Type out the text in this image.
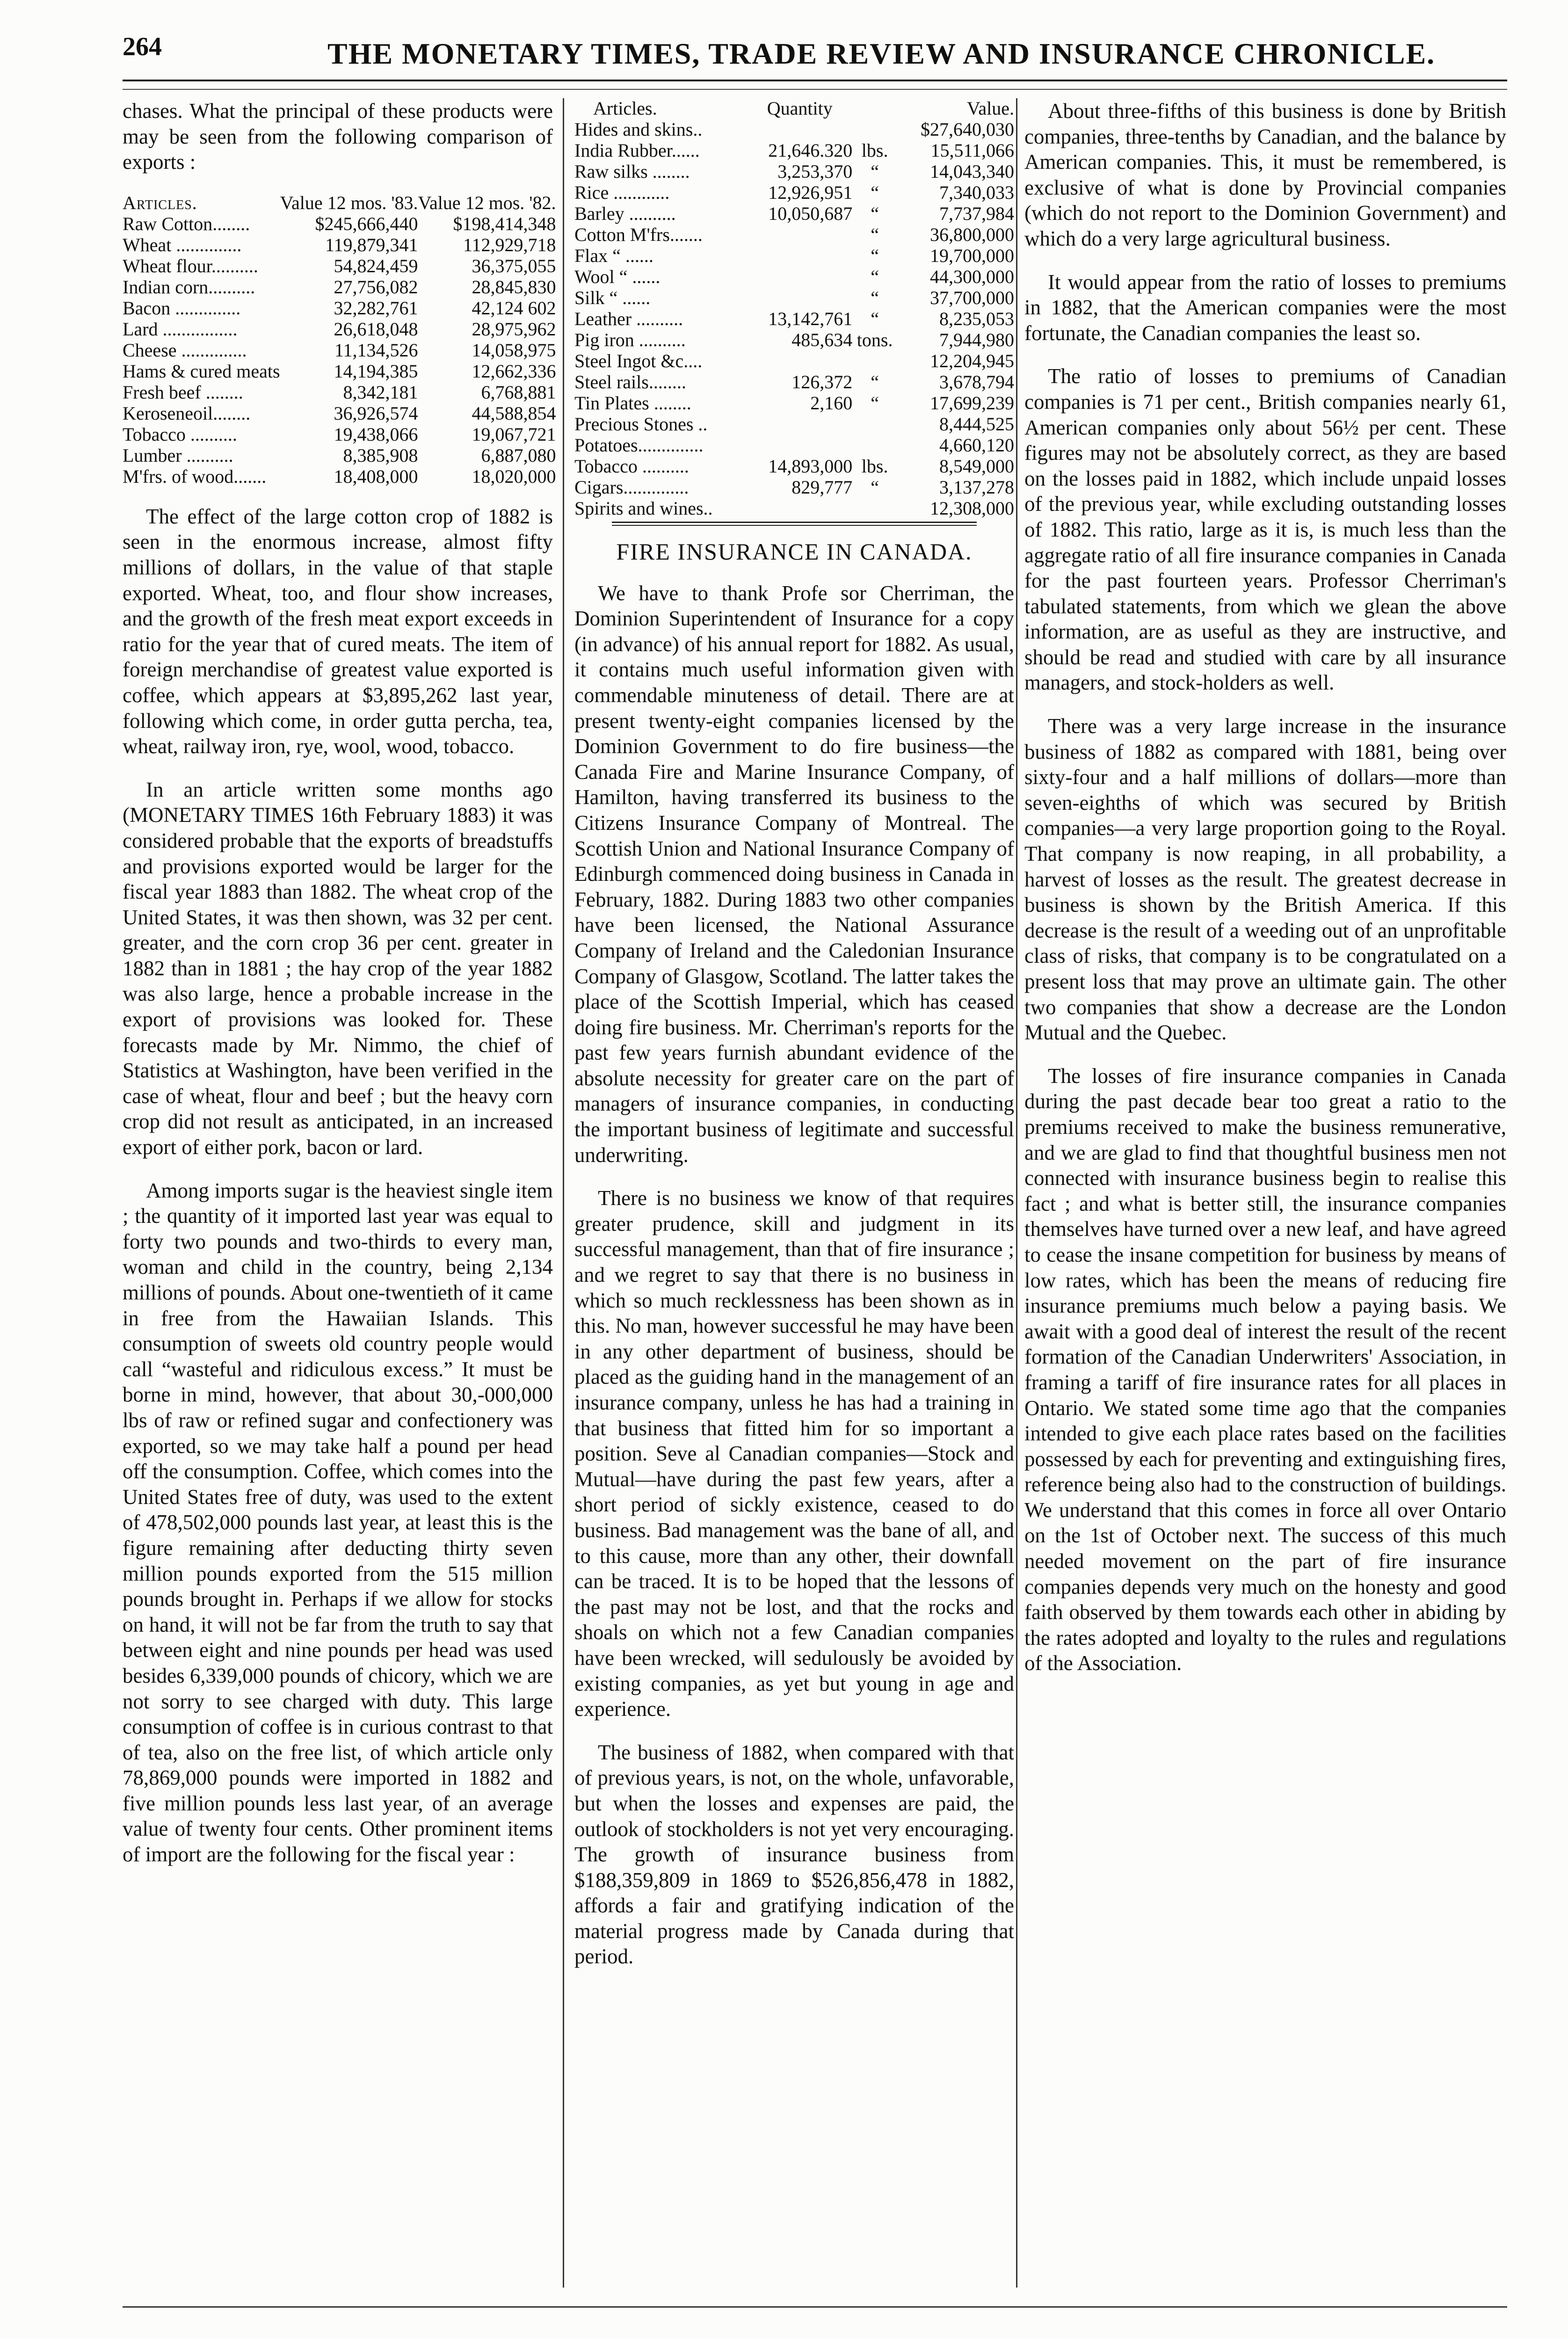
264	THE MONETARY TIMES, TRADE REVIEW AND INSURANCE CHRONICLE.

chases. What the principal of these products were may be seen from the following comparison of exports :

Articles.	Value 12 mos. '83.	Value 12 mos. '82.
Raw Cotton........	$245,666,440	$198,414,348
Wheat ..............	119,879,341	112,929,718
Wheat flour..........	54,824,459	36,375,055
Indian corn..........	27,756,082	28,845,830
Bacon ..............	32,282,761	42,124 602
Lard ................	26,618,048	28,975,962
Cheese ..............	11,134,526	14,058,975
Hams & cured meats	14,194,385	12,662,336
Fresh beef ........	8,342,181	6,768,881
Keroseneoil........	36,926,574	44,588,854
Tobacco ..........	19,438,066	19,067,721
Lumber ..........	8,385,908	6,887,080
M'frs. of wood.......	18,408,000	18,020,000

The effect of the large cotton crop of 1882 is seen in the enormous increase, almost fifty millions of dollars, in the value of that staple exported. Wheat, too, and flour show increases, and the growth of the fresh meat export exceeds in ratio for the year that of cured meats. The item of foreign merchandise of greatest value exported is coffee, which appears at $3,895,262 last year, following which come, in order gutta percha, tea, wheat, railway iron, rye, wool, wood, tobacco.

In an article written some months ago (MONETARY TIMES 16th February 1883) it was considered probable that the exports of breadstuffs and provisions exported would be larger for the fiscal year 1883 than 1882. The wheat crop of the United States, it was then shown, was 32 per cent. greater, and the corn crop 36 per cent. greater in 1882 than in 1881 ; the hay crop of the year 1882 was also large, hence a probable increase in the export of provisions was looked for. These forecasts made by Mr. Nimmo, the chief of Statistics at Washington, have been verified in the case of wheat, flour and beef ; but the heavy corn crop did not result as anticipated, in an increased export of either pork, bacon or lard.

Among imports sugar is the heaviest single item ; the quantity of it imported last year was equal to forty two pounds and two-thirds to every man, woman and child in the country, being 2,134 millions of pounds. About one-twentieth of it came in free from the Hawaiian Islands. This consumption of sweets old country people would call “wasteful and ridiculous excess.” It must be borne in mind, however, that about 30,-000,000 lbs of raw or refined sugar and confectionery was exported, so we may take half a pound per head off the consumption. Coffee, which comes into the United States free of duty, was used to the extent of 478,502,000 pounds last year, at least this is the figure remaining after deducting thirty seven million pounds exported from the 515 million pounds brought in. Perhaps if we allow for stocks on hand, it will not be far from the truth to say that between eight and nine pounds per head was used besides 6,339,000 pounds of chicory, which we are not sorry to see charged with duty. This large consumption of coffee is in curious contrast to that of tea, also on the free list, of which article only 78,869,000 pounds were imported in 1882 and five million pounds less last year, of an average value of twenty four cents. Other prominent items of import are the following for the fiscal year :

Articles.	Quantity		Value.
Hides and skins..			$27,640,030
India Rubber......	21,646.320	lbs.	15,511,066
Raw silks ........	3,253,370	“	14,043,340
Rice ............	12,926,951	“	7,340,033
Barley ..........	10,050,687	“	7,737,984
Cotton M'frs.......		“	36,800,000
Flax “ ......		“	19,700,000
Wool “ ......		“	44,300,000
Silk “ ......		“	37,700,000
Leather ..........	13,142,761	“	8,235,053
Pig iron ..........	485,634	tons.	7,944,980
Steel Ingot &c....			12,204,945
Steel rails........	126,372	“	3,678,794
Tin Plates ........	2,160	“	17,699,239
Precious Stones ..			8,444,525
Potatoes..............			4,660,120
Tobacco ..........	14,893,000	lbs.	8,549,000
Cigars..............	829,777	“	3,137,278
Spirits and wines..			12,308,000
FIRE INSURANCE IN CANADA.

We have to thank Profe sor Cherriman, the Dominion Superintendent of Insurance for a copy (in advance) of his annual report for 1882. As usual, it contains much useful information given with commendable minuteness of detail. There are at present twenty-eight companies licensed by the Dominion Government to do fire business—the Canada Fire and Marine Insurance Company, of Hamilton, having transferred its business to the Citizens Insurance Company of Montreal. The Scottish Union and National Insurance Company of Edinburgh commenced doing business in Canada in February, 1882. During 1883 two other companies have been licensed, the National Assurance Company of Ireland and the Caledonian Insurance Company of Glasgow, Scotland. The latter takes the place of the Scottish Imperial, which has ceased doing fire business. Mr. Cherriman's reports for the past few years furnish abundant evidence of the absolute necessity for greater care on the part of managers of insurance companies, in conducting the important business of legitimate and successful underwriting.

There is no business we know of that requires greater prudence, skill and judgment in its successful management, than that of fire insurance ; and we regret to say that there is no business in which so much recklessness has been shown as in this. No man, however successful he may have been in any other department of business, should be placed as the guiding hand in the management of an insurance company, unless he has had a training in that business that fitted him for so important a position. Seve al Canadian companies—Stock and Mutual—have during the past few years, after a short period of sickly existence, ceased to do business. Bad management was the bane of all, and to this cause, more than any other, their downfall can be traced. It is to be hoped that the lessons of the past may not be lost, and that the rocks and shoals on which not a few Canadian companies have been wrecked, will sedulously be avoided by existing companies, as yet but young in age and experience.

The business of 1882, when compared with that of previous years, is not, on the whole, unfavorable, but when the losses and expenses are paid, the outlook of stockholders is not yet very encouraging. The growth of insurance business from $188,359,809 in 1869 to $526,856,478 in 1882, affords a fair and gratifying indication of the material progress made by Canada during that period.

About three-fifths of this business is done by British companies, three-tenths by Canadian, and the balance by American companies. This, it must be remembered, is exclusive of what is done by Provincial companies (which do not report to the Dominion Government) and which do a very large agricultural business.

It would appear from the ratio of losses to premiums in 1882, that the American companies were the most fortunate, the Canadian companies the least so.

The ratio of losses to premiums of Canadian companies is 71 per cent., British companies nearly 61, American companies only about 56½ per cent. These figures may not be absolutely correct, as they are based on the losses paid in 1882, which include unpaid losses of the previous year, while excluding outstanding losses of 1882. This ratio, large as it is, is much less than the aggregate ratio of all fire insurance companies in Canada for the past fourteen years. Professor Cherriman's tabulated statements, from which we glean the above information, are as useful as they are instructive, and should be read and studied with care by all insurance managers, and stock-holders as well.

There was a very large increase in the insurance business of 1882 as compared with 1881, being over sixty-four and a half millions of dollars—more than seven-eighths of which was secured by British companies—a very large proportion going to the Royal. That company is now reaping, in all probability, a harvest of losses as the result. The greatest decrease in business is shown by the British America. If this decrease is the result of a weeding out of an unprofitable class of risks, that company is to be congratulated on a present loss that may prove an ultimate gain. The other two companies that show a decrease are the London Mutual and the Quebec.

The losses of fire insurance companies in Canada during the past decade bear too great a ratio to the premiums received to make the business remunerative, and we are glad to find that thoughtful business men not connected with insurance business begin to realise this fact ; and what is better still, the insurance companies themselves have turned over a new leaf, and have agreed to cease the insane competition for business by means of low rates, which has been the means of reducing fire insurance premiums much below a paying basis. We await with a good deal of interest the result of the recent formation of the Canadian Underwriters' Association, in framing a tariff of fire insurance rates for all places in Ontario. We stated some time ago that the companies intended to give each place rates based on the facilities possessed by each for preventing and extinguishing fires, reference being also had to the construction of buildings. We understand that this comes in force all over Ontario on the 1st of October next. The success of this much needed movement on the part of fire insurance companies depends very much on the honesty and good faith observed by them towards each other in abiding by the rates adopted and loyalty to the rules and regulations of the Association.
